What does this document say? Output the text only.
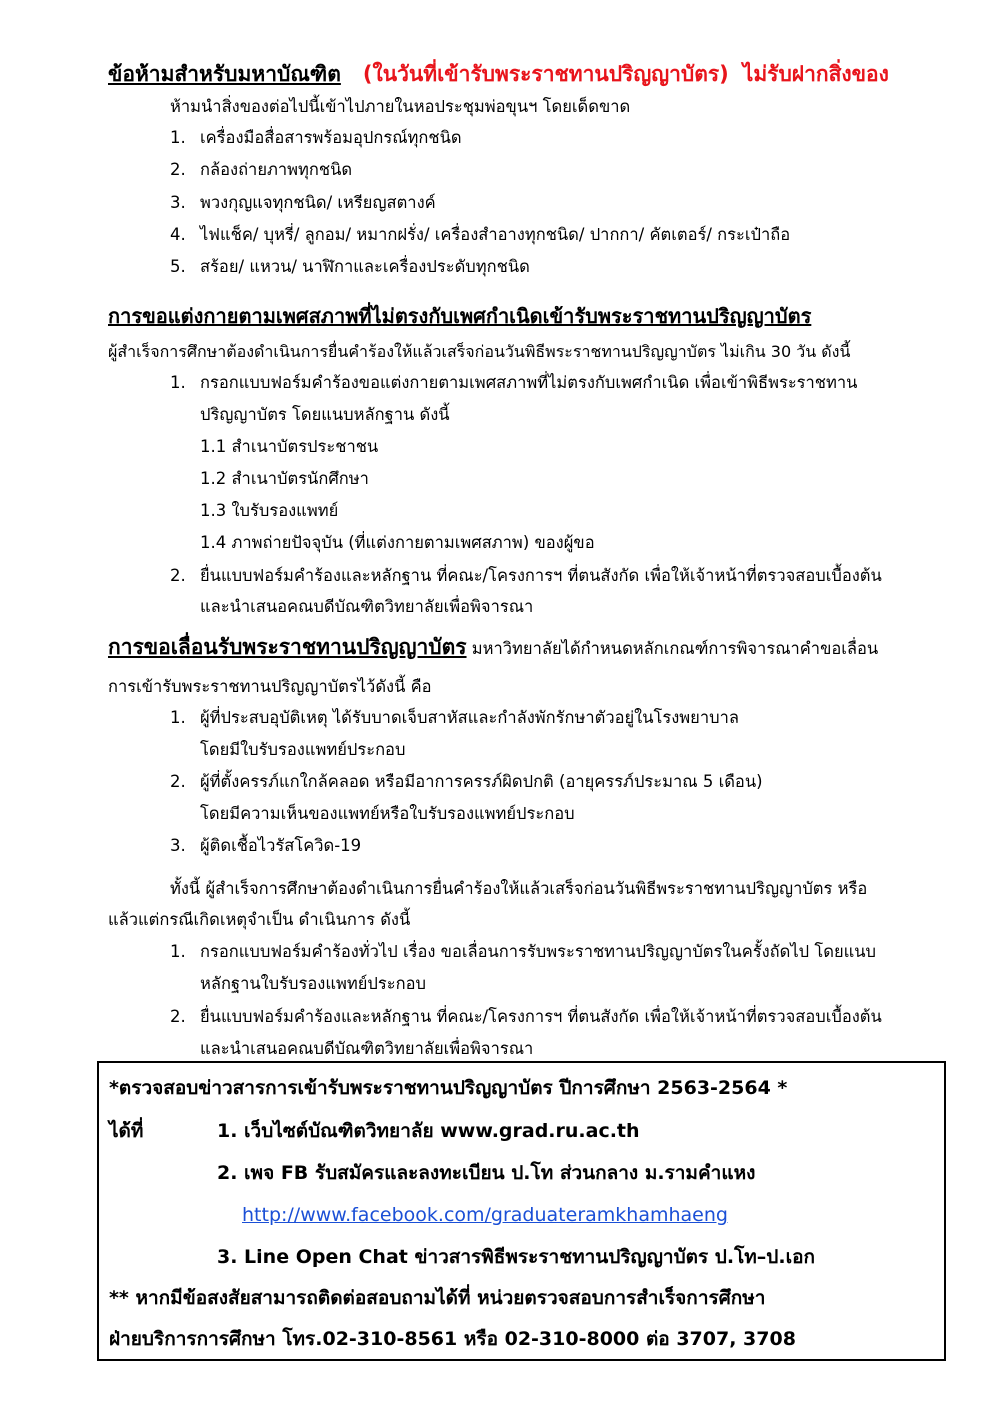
ข้อห้ามสำหรับมหาบัณฑิต (ในวันที่เข้ารับพระราชทานปริญญาบัตร) ไม่รับฝากสิ่งของ
ห้ามนำสิ่งของต่อไปนี้เข้าไปภายในหอประชุมพ่อขุนฯ โดยเด็ดขาด
1. เครื่องมือสื่อสารพร้อมอุปกรณ์ทุกชนิด
2. กล้องถ่ายภาพทุกชนิด
3. พวงกุญแจทุกชนิด/ เหรียญสตางค์
4. ไฟแช็ค/ บุหรี่/ ลูกอม/ หมากฝรั่ง/ เครื่องสำอางทุกชนิด/ ปากกา/ คัตเตอร์/ กระเป๋าถือ
5. สร้อย/ แหวน/ นาฬิกาและเครื่องประดับทุกชนิด
การขอแต่งกายตามเพศสภาพที่ไม่ตรงกับเพศกำเนิดเข้ารับพระราชทานปริญญาบัตร
ผู้สำเร็จการศึกษาต้องดำเนินการยื่นคำร้องให้แล้วเสร็จก่อนวันพิธีพระราชทานปริญญาบัตร ไม่เกิน 30 วัน ดังนี้
1. กรอกแบบฟอร์มคำร้องขอแต่งกายตามเพศสภาพที่ไม่ตรงกับเพศกำเนิด เพื่อเข้าพิธีพระราชทาน
ปริญญาบัตร โดยแนบหลักฐาน ดังนี้
1.1 สำเนาบัตรประชาชน
1.2 สำเนาบัตรนักศึกษา
1.3 ใบรับรองแพทย์
1.4 ภาพถ่ายปัจจุบัน (ที่แต่งกายตามเพศสภาพ) ของผู้ขอ
2. ยื่นแบบฟอร์มคำร้องและหลักฐาน ที่คณะ/โครงการฯ ที่ตนสังกัด เพื่อให้เจ้าหน้าที่ตรวจสอบเบื้องต้น
และนำเสนอคณบดีบัณฑิตวิทยาลัยเพื่อพิจารณา
การขอเลื่อนรับพระราชทานปริญญาบัตร มหาวิทยาลัยได้กำหนดหลักเกณฑ์การพิจารณาคำขอเลื่อน
การเข้ารับพระราชทานปริญญาบัตรไว้ดังนี้ คือ
1. ผู้ที่ประสบอุบัติเหตุ ได้รับบาดเจ็บสาหัสและกำลังพักรักษาตัวอยู่ในโรงพยาบาล
โดยมีใบรับรองแพทย์ประกอบ
2. ผู้ที่ตั้งครรภ์แกใกล้คลอด หรือมีอาการครรภ์ผิดปกติ (อายุครรภ์ประมาณ 5 เดือน)
โดยมีความเห็นของแพทย์หรือใบรับรองแพทย์ประกอบ
3. ผู้ติดเชื้อไวรัสโควิด-19
ทั้งนี้ ผู้สำเร็จการศึกษาต้องดำเนินการยื่นคำร้องให้แล้วเสร็จก่อนวันพิธีพระราชทานปริญญาบัตร หรือ
แล้วแต่กรณีเกิดเหตุจำเป็น ดำเนินการ ดังนี้
1. กรอกแบบฟอร์มคำร้องทั่วไป เรื่อง ขอเลื่อนการรับพระราชทานปริญญาบัตรในครั้งถัดไป โดยแนบ
หลักฐานใบรับรองแพทย์ประกอบ
2. ยื่นแบบฟอร์มคำร้องและหลักฐาน ที่คณะ/โครงการฯ ที่ตนสังกัด เพื่อให้เจ้าหน้าที่ตรวจสอบเบื้องต้น
และนำเสนอคณบดีบัณฑิตวิทยาลัยเพื่อพิจารณา
*ตรวจสอบข่าวสารการเข้ารับพระราชทานปริญญาบัตร ปีการศึกษา 2563-2564 *
ได้ที่	1. เว็บไซต์บัณฑิตวิทยาลัย www.grad.ru.ac.th
2. เพจ FB รับสมัครและลงทะเบียน ป.โท ส่วนกลาง ม.รามคำแหง
http://www.facebook.com/graduateramkhamhaeng
3. Line Open Chat ข่าวสารพิธีพระราชทานปริญญาบัตร ป.โท–ป.เอก
** หากมีข้อสงสัยสามารถติดต่อสอบถามได้ที่ หน่วยตรวจสอบการสำเร็จการศึกษา
ฝ่ายบริการการศึกษา โทร.02-310-8561 หรือ 02-310-8000 ต่อ 3707, 3708
